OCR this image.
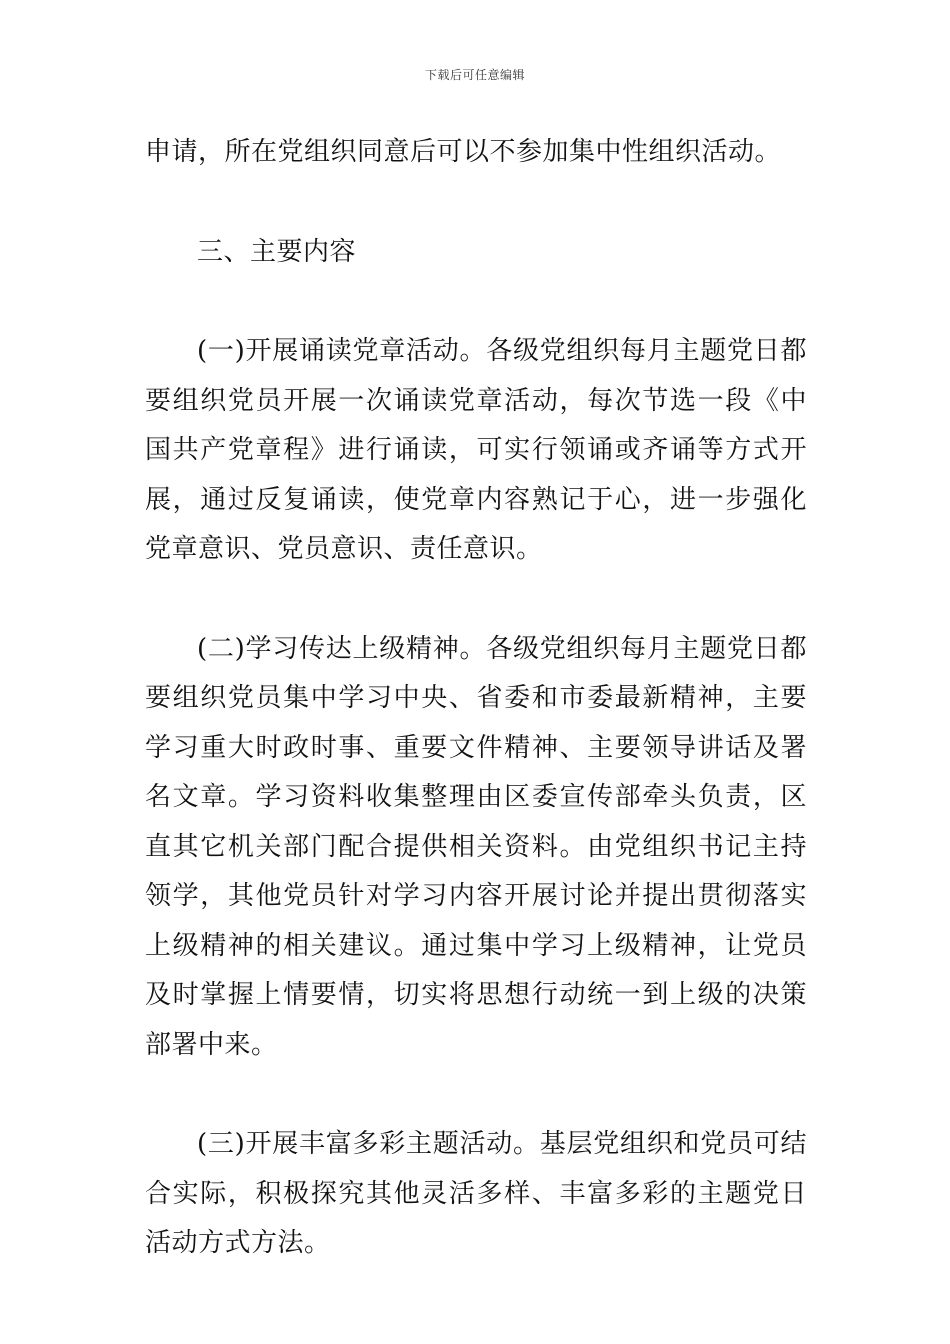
下载后可任意编辑

申请，所在党组织同意后可以不参加集中性组织活动。

三、主要内容

(一)开展诵读党章活动。各级党组织每月主题党日都要组织党员开展一次诵读党章活动，每次节选一段《中国共产党章程》进行诵读，可实行领诵或齐诵等方式开展，通过反复诵读，使党章内容熟记于心，进一步强化党章意识、党员意识、责任意识。

(二)学习传达上级精神。各级党组织每月主题党日都要组织党员集中学习中央、省委和市委最新精神，主要学习重大时政时事、重要文件精神、主要领导讲话及署名文章。学习资料收集整理由区委宣传部牵头负责，区直其它机关部门配合提供相关资料。由党组织书记主持领学，其他党员针对学习内容开展讨论并提出贯彻落实上级精神的相关建议。通过集中学习上级精神，让党员及时掌握上情要情，切实将思想行动统一到上级的决策部署中来。

(三)开展丰富多彩主题活动。基层党组织和党员可结合实际，积极探究其他灵活多样、丰富多彩的主题党日活动方式方法。
